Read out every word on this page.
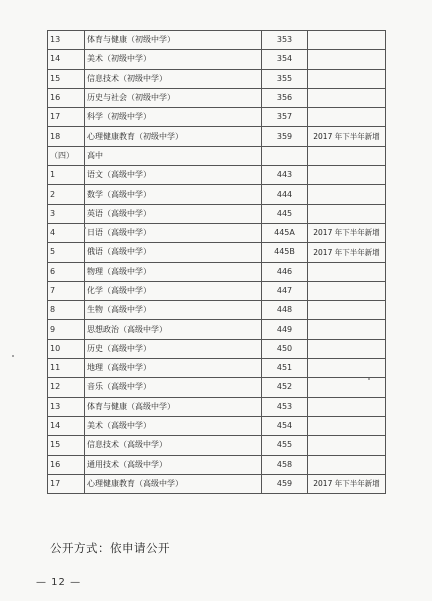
13	体育与健康（初级中学）	353	
14	美术（初级中学）	354	
15	信息技术（初级中学）	355	
16	历史与社会（初级中学）	356	
17	科学（初级中学）	357	
18	心理健康教育（初级中学）	359	2017 年下半年新增
（四）	高中		
1	语文（高级中学）	443	
2	数学（高级中学）	444	
3	英语（高级中学）	445	
4	日语（高级中学）	445A	2017 年下半年新增
5	俄语（高级中学）	445B	2017 年下半年新增
6	物理（高级中学）	446	
7	化学（高级中学）	447	
8	生物（高级中学）	448	
9	思想政治（高级中学）	449	
10	历史（高级中学）	450	
11	地理（高级中学）	451	
12	音乐（高级中学）	452	
13	体育与健康（高级中学）	453	
14	美术（高级中学）	454	
15	信息技术（高级中学）	455	
16	通用技术（高级中学）	458	
17	心理健康教育（高级中学）	459	2017 年下半年新增
公开方式：依申请公开
— 12 —
